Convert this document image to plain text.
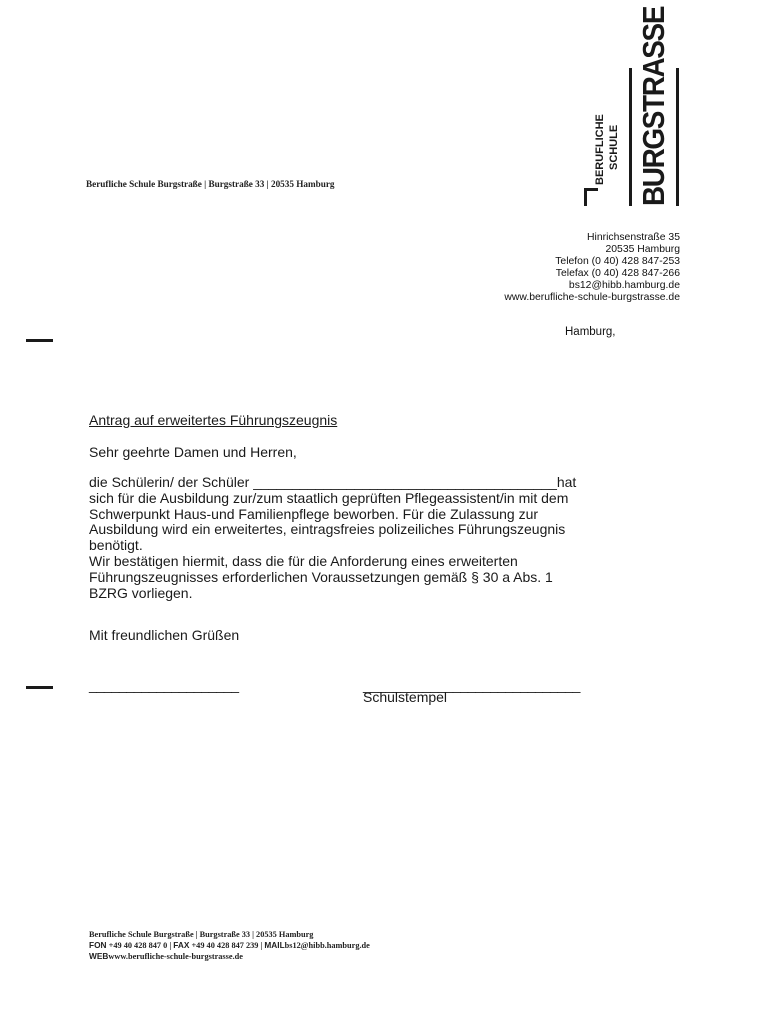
BERUFLICHE SCHULE BURGSTRASSE
Berufliche Schule Burgstraße | Burgstraße 33 | 20535 Hamburg
Hinrichsenstraße 35
20535 Hamburg
Telefon (0 40) 428 847-253
Telefax (0 40) 428 847-266
bs12@hibb.hamburg.de
www.berufliche-schule-burgstrasse.de
Hamburg,
Antrag auf erweitertes Führungszeugnis
Sehr geehrte Damen und Herren,

die Schülerin/ der Schüler _______________________________________hat

sich für die Ausbildung zur/zum staatlich geprüften Pflegeassistent/in mit dem

Schwerpunkt Haus-und Familienpflege beworben. Für die Zulassung zur

Ausbildung wird ein erweitertes, eintragsfreies polizeiliches Führungszeugnis

benötigt.

Wir bestätigen hiermit, dass die für die Anforderung eines erweiterten

Führungszeugnisses erforderlichen Voraussetzungen gemäß § 30 a Abs. 1

BZRG vorliegen.

Mit freundlichen Grüßen
____________________	_____________________________
Schulstempel
Berufliche Schule Burgstraße | Burgstraße 33 | 20535 Hamburg
FON +49 40 428 847 0 | FAX +49 40 428 847 239 | MAILbs12@hibb.hamburg.de
WEBwww.berufliche-schule-burgstrasse.de
